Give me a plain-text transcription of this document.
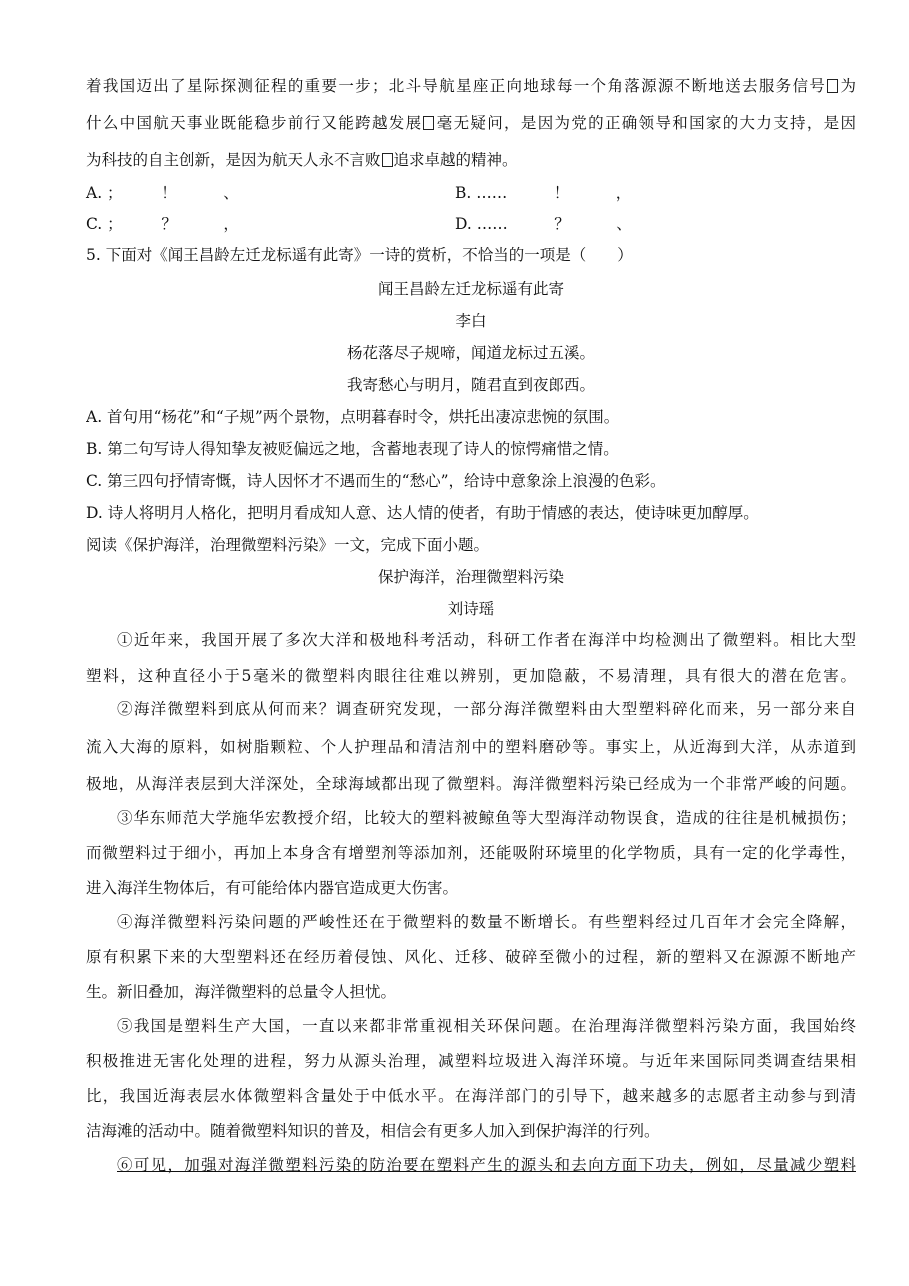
着我国迈出了星际探测征程的重要一步；北斗导航星座正向地球每一个角落源源不断地送去服务信号 为
什么中国航天事业既能稳步前行又能跨越发展 毫无疑问，是因为党的正确领导和国家的大力支持，是因
为科技的自主创新，是因为航天人永不言败 追求卓越的精神。
A. ；　　　！　　　、	B. ……　　　！　　　，
C. ；　　　？　　　，	D. ……　　　？　　　、
5. 下面对《闻王昌龄左迁龙标遥有此寄》一诗的赏析，不恰当的一项是（　　）
闻王昌龄左迁龙标遥有此寄
李白
杨花落尽子规啼，闻道龙标过五溪。
我寄愁心与明月，随君直到夜郎西。
A. 首句用“杨花”和“子规”两个景物，点明暮春时令，烘托出凄凉悲惋的氛围。
B. 第二句写诗人得知挚友被贬偏远之地，含蓄地表现了诗人的惊愕痛惜之情。
C. 第三四句抒情寄慨，诗人因怀才不遇而生的“愁心”，给诗中意象涂上浪漫的色彩。
D. 诗人将明月人格化，把明月看成知人意、达人情的使者，有助于情感的表达，使诗味更加醇厚。
阅读《保护海洋，治理微塑料污染》一文，完成下面小题。
保护海洋，治理微塑料污染
刘诗瑶
①近年来，我国开展了多次大洋和极地科考活动，科研工作者在海洋中均检测出了微塑料。相比大型
塑料，这种直径小于5毫米的微塑料肉眼往往难以辨别，更加隐蔽，不易清理，具有很大的潜在危害。
②海洋微塑料到底从何而来？调查研究发现，一部分海洋微塑料由大型塑料碎化而来，另一部分来自
流入大海的原料，如树脂颗粒、个人护理品和清洁剂中的塑料磨砂等。事实上，从近海到大洋，从赤道到
极地，从海洋表层到大洋深处，全球海域都出现了微塑料。海洋微塑料污染已经成为一个非常严峻的问题。
③华东师范大学施华宏教授介绍，比较大的塑料被鲸鱼等大型海洋动物误食，造成的往往是机械损伤；
而微塑料过于细小，再加上本身含有增塑剂等添加剂，还能吸附环境里的化学物质，具有一定的化学毒性，
进入海洋生物体后，有可能给体内器官造成更大伤害。
④海洋微塑料污染问题的严峻性还在于微塑料的数量不断增长。有些塑料经过几百年才会完全降解，
原有积累下来的大型塑料还在经历着侵蚀、风化、迁移、破碎至微小的过程，新的塑料又在源源不断地产
生。新旧叠加，海洋微塑料的总量令人担忧。
⑤我国是塑料生产大国，一直以来都非常重视相关环保问题。在治理海洋微塑料污染方面，我国始终
积极推进无害化处理的进程，努力从源头治理，减塑料垃圾进入海洋环境。与近年来国际同类调查结果相
比，我国近海表层水体微塑料含量处于中低水平。在海洋部门的引导下，越来越多的志愿者主动参与到清
洁海滩的活动中。随着微塑料知识的普及，相信会有更多人加入到保护海洋的行列。
⑥可见，加强对海洋微塑料污染的防治要在塑料产生的源头和去向方面下功夫，例如，尽量减少塑料
